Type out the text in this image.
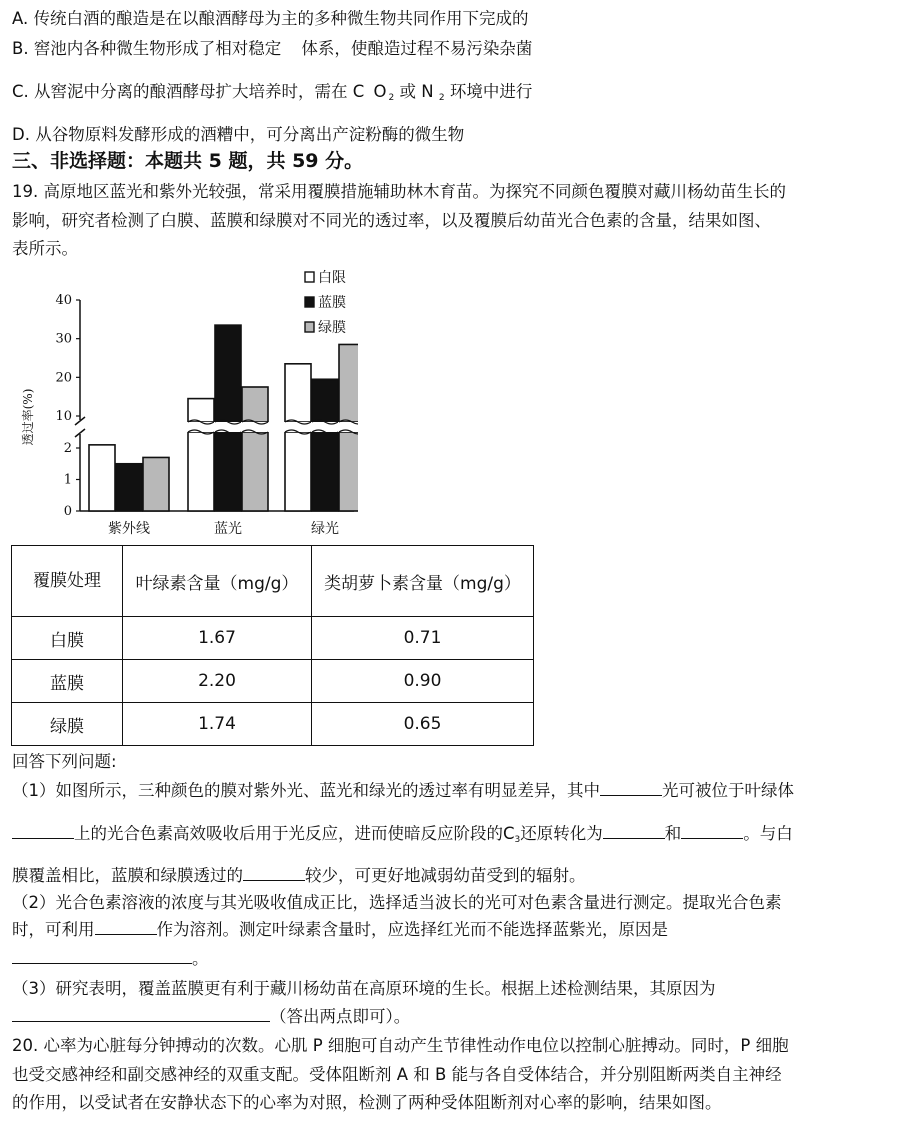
A. 传统白酒的酿造是在以酿酒酵母为主的多种微生物共同作用下完成的
B. 窖池内各种微生物形成了相对稳定 体系，使酿造过程不易污染杂菌
C. 从窖泥中分离的酿酒酵母扩大培养时，需在 C $O_2$ 或 N $_2$ 环境中进行
D. 从谷物原料发酵形成的酒糟中，可分离出产淀粉酶的微生物
三、非选择题：本题共 5 题，共 59 分。
19. 高原地区蓝光和紫外光较强，常采用覆膜措施辅助林木育苗。为探究不同颜色覆膜对藏川杨幼苗生长的
影响，研究者检测了白膜、蓝膜和绿膜对不同光的透过率，以及覆膜后幼苗光合色素的含量，结果如图、
表所示。
白限
蓝膜
绿膜
0
1
2
10
20
30
40
紫外线	蓝光	绿光
透过率(%)
覆膜处理	叶绿素含量（mg/g）	类胡萝卜素含量（mg/g）
白膜	1.67	0.71
蓝膜	2.20	0.90
绿膜	1.74	0.65
回答下列问题:
（1）如图所示，三种颜色的膜对紫外光、蓝光和绿光的透过率有明显差异，其中	光可被位于叶绿体
上的光合色素高效吸收后用于光反应，进而使暗反应阶段的$C_3$还原转化为	和	。与白
膜覆盖相比，蓝膜和绿膜透过的	较少，可更好地减弱幼苗受到的辐射。
（2）光合色素溶液的浓度与其光吸收值成正比，选择适当波长的光可对色素含量进行测定。提取光合色素
时，可利用	作为溶剂。测定叶绿素含量时，应选择红光而不能选择蓝紫光，原因是
。
（3）研究表明，覆盖蓝膜更有利于藏川杨幼苗在高原环境的生长。根据上述检测结果，其原因为
（答出两点即可）。
20. 心率为心脏每分钟搏动的次数。心肌 P 细胞可自动产生节律性动作电位以控制心脏搏动。同时，P 细胞
也受交感神经和副交感神经的双重支配。受体阻断剂 A 和 B 能与各自受体结合，并分别阻断两类自主神经
的作用，以受试者在安静状态下的心率为对照，检测了两种受体阻断剂对心率的影响，结果如图。
